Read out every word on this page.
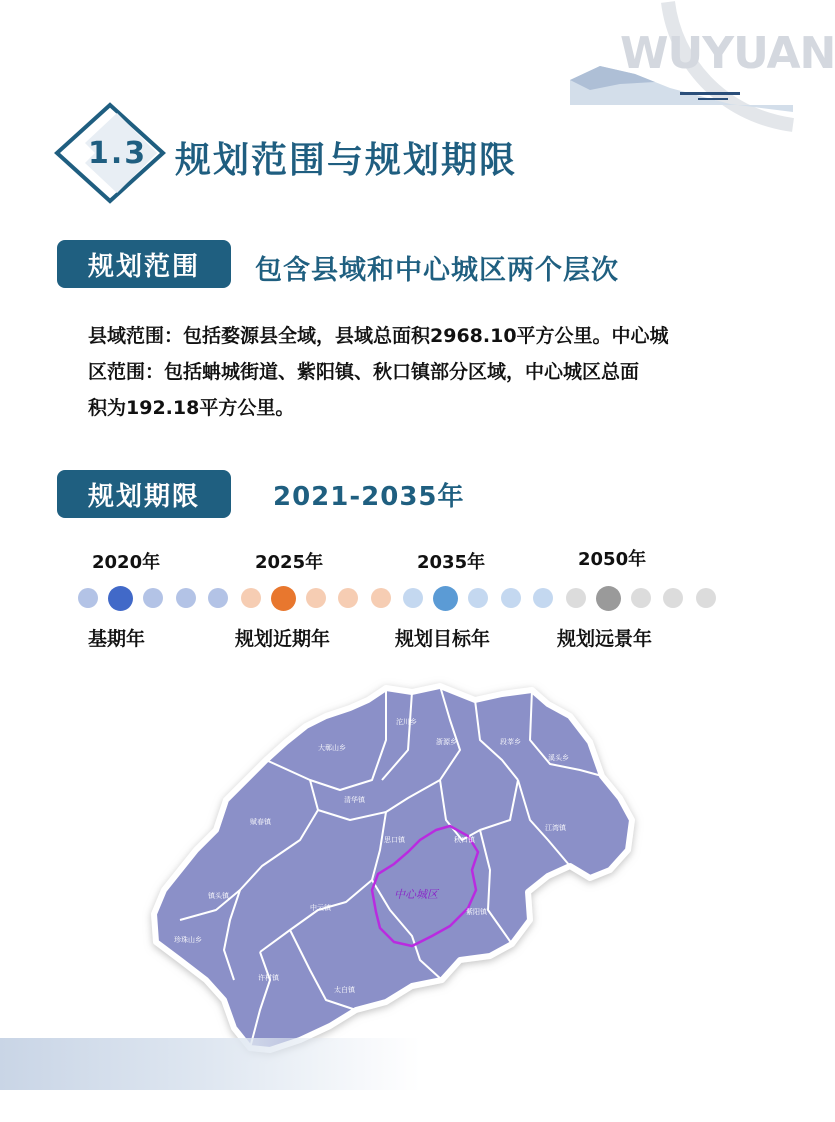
WUYUAN
1.3 规划范围与规划期限
规划范围	包含县域和中心城区两个层次

县域范围：包括婺源县全域，县域总面积2968.10平方公里。中心城

区范围：包括蚺城街道、紫阳镇、秋口镇部分区域，中心城区总面

积为192.18平方公里。

规划期限	2021-2035年
2020年	2025年	2035年	2050年
基期年	规划近期年	规划目标年	规划远景年
中心城区
沱川乡
大鄣山乡
浙源乡	段莘乡
溪头乡
清华镇
赋春镇
思口镇	秋口镇
江湾镇
镇头镇
中云镇	紫阳镇
珍珠山乡
许村镇
太白镇
